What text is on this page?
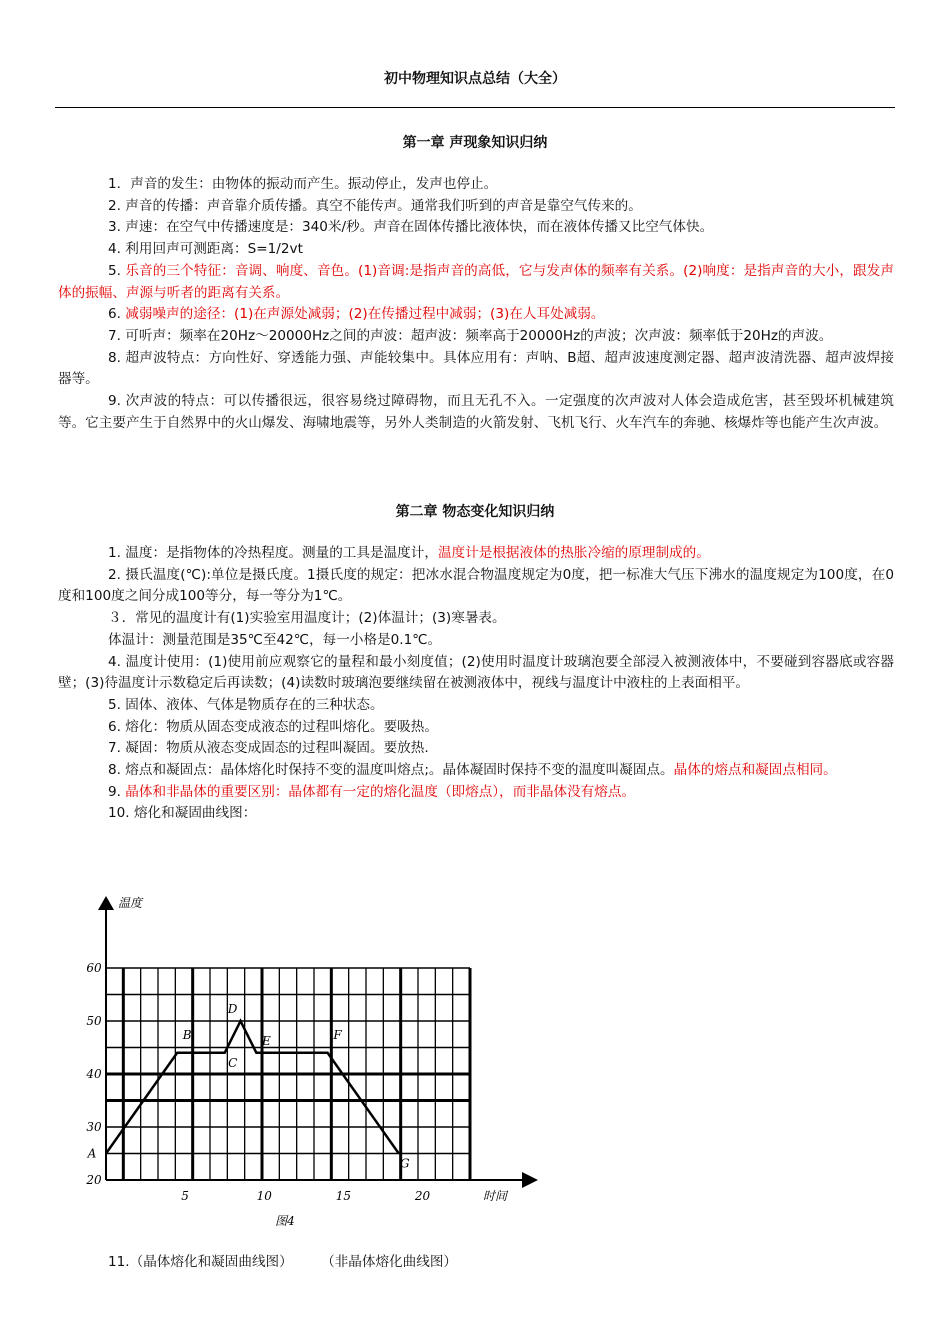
初中物理知识点总结（大全）
第一章 声现象知识归纳

1．声音的发生：由物体的振动而产生。振动停止，发声也停止。

2. 声音的传播：声音靠介质传播。真空不能传声。通常我们听到的声音是靠空气传来的。

3. 声速：在空气中传播速度是：340米/秒。声音在固体传播比液体快，而在液体传播又比空气体快。

4. 利用回声可测距离：S=1/2vt

5. 乐音的三个特征：音调、响度、音色。(1)音调:是指声音的高低，它与发声体的频率有关系。(2)响度：是指声音的大小，跟发声体的振幅、声源与听者的距离有关系。

6. 减弱噪声的途径：(1)在声源处减弱；(2)在传播过程中减弱；(3)在人耳处减弱。

7. 可听声：频率在20Hz～20000Hz之间的声波：超声波：频率高于20000Hz的声波；次声波：频率低于20Hz的声波。

8. 超声波特点：方向性好、穿透能力强、声能较集中。具体应用有：声呐、B超、超声波速度测定器、超声波清洗器、超声波焊接器等。

9. 次声波的特点：可以传播很远，很容易绕过障碍物，而且无孔不入。一定强度的次声波对人体会造成危害，甚至毁坏机械建筑等。它主要产生于自然界中的火山爆发、海啸地震等，另外人类制造的火箭发射、飞机飞行、火车汽车的奔驰、核爆炸等也能产生次声波。

第二章 物态变化知识归纳

1. 温度：是指物体的冷热程度。测量的工具是温度计，温度计是根据液体的热胀冷缩的原理制成的。

2. 摄氏温度(℃):单位是摄氏度。1摄氏度的规定：把冰水混合物温度规定为0度，把一标准大气压下沸水的温度规定为100度，在0度和100度之间分成100等分，每一等分为1℃。

３．常见的温度计有(1)实验室用温度计；(2)体温计；(3)寒暑表。

体温计：测量范围是35℃至42℃，每一小格是0.1℃。

4. 温度计使用：(1)使用前应观察它的量程和最小刻度值；(2)使用时温度计玻璃泡要全部浸入被测液体中，不要碰到容器底或容器壁；(3)待温度计示数稳定后再读数；(4)读数时玻璃泡要继续留在被测液体中，视线与温度计中液柱的上表面相平。

5. 固体、液体、气体是物质存在的三种状态。

6. 熔化：物质从固态变成液态的过程叫熔化。要吸热。

7. 凝固：物质从液态变成固态的过程叫凝固。要放热.

8. 熔点和凝固点：晶体熔化时保持不变的温度叫熔点;。晶体凝固时保持不变的温度叫凝固点。晶体的熔点和凝固点相同。

9. 晶体和非晶体的重要区别：晶体都有一定的熔化温度（即熔点），而非晶体没有熔点。

10. 熔化和凝固曲线图：

20
30
40
50
60
5	10	15	20
温度
时间
图4
A
B
C
D
E	F
G
11.（晶体熔化和凝固曲线图） （非晶体熔化曲线图）
